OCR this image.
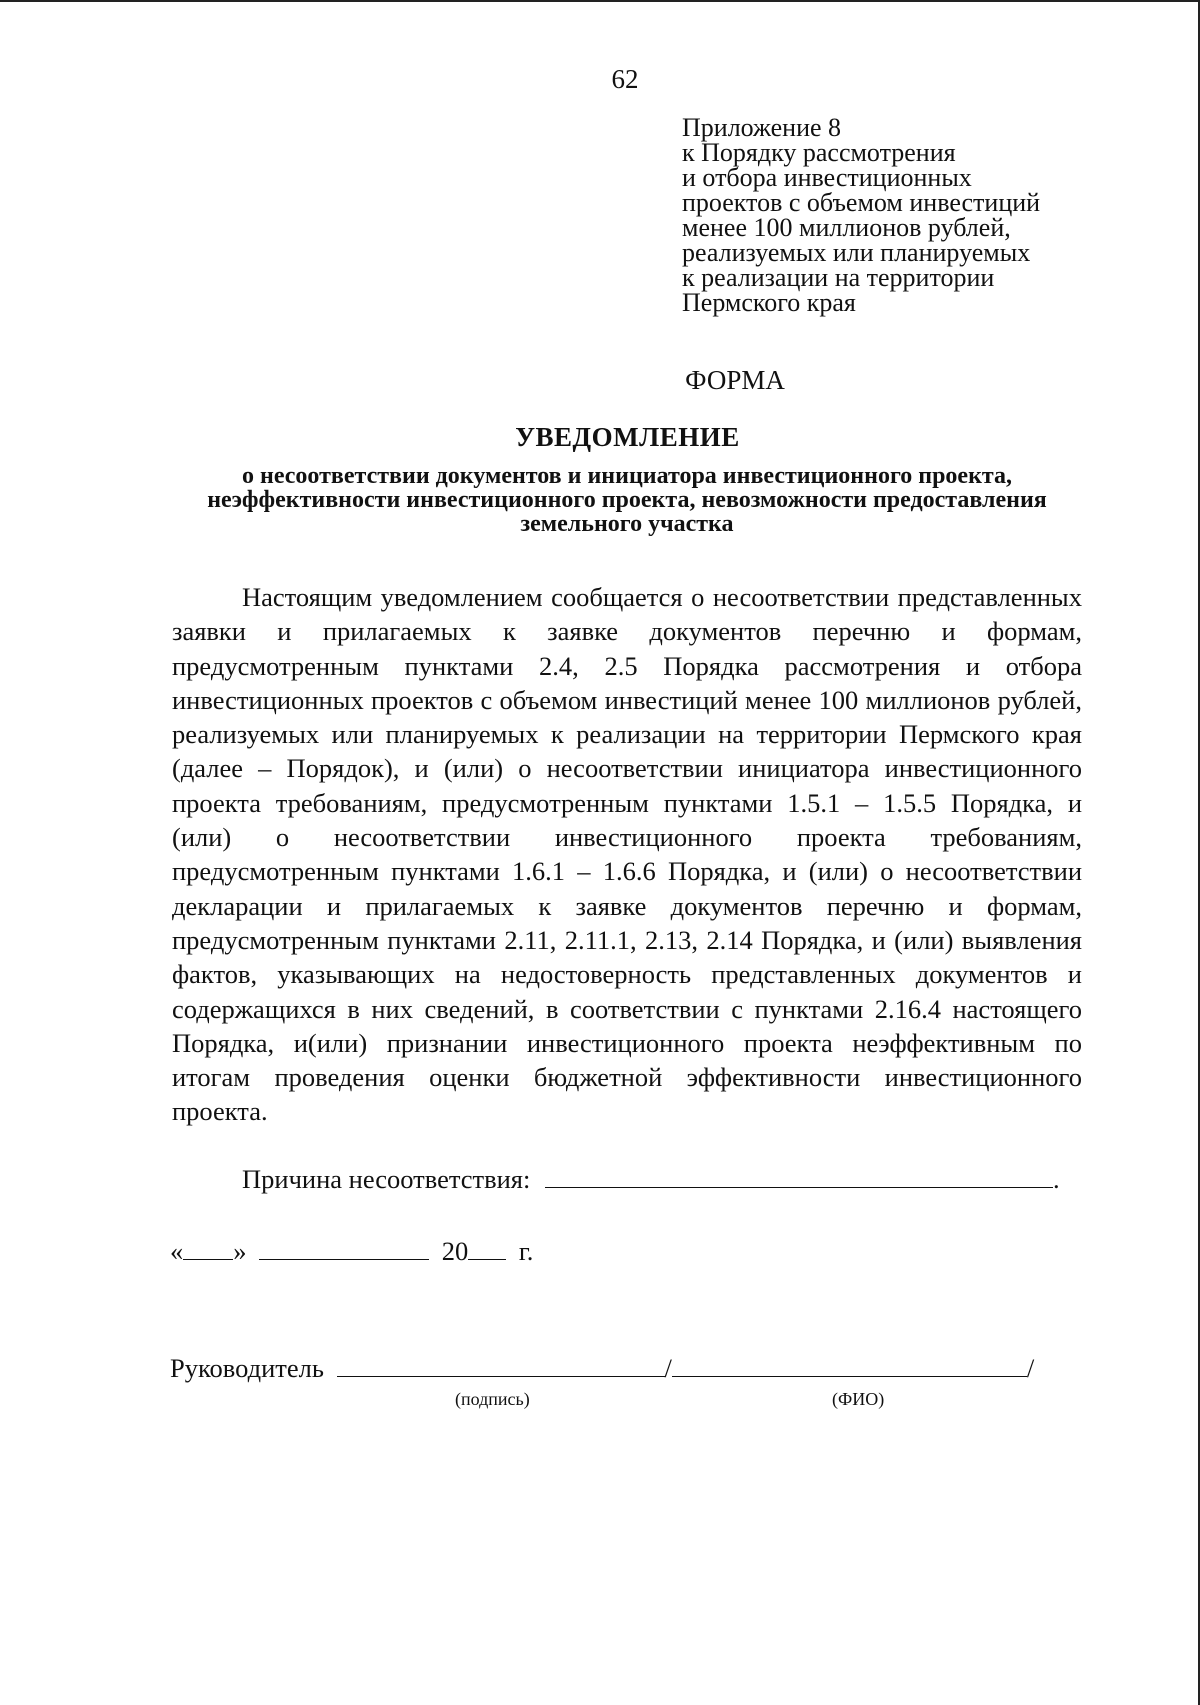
62
Приложение 8
к Порядку рассмотрения
и отбора инвестиционных
проектов с объемом инвестиций
менее 100 миллионов рублей,
реализуемых или планируемых
к реализации на территории
Пермского края
ФОРМА
УВЕДОМЛЕНИЕ
о несоответствии документов и инициатора инвестиционного проекта, неэффективности инвестиционного проекта, невозможности предоставления земельного участка
Настоящим уведомлением сообщается о несоответствии представленных заявки и прилагаемых к заявке документов перечню и формам, предусмотренным пунктами 2.4, 2.5 Порядка рассмотрения и отбора инвестиционных проектов с объемом инвестиций менее 100 миллионов рублей, реализуемых или планируемых к реализации на территории Пермского края (далее – Порядок), и (или) о несоответствии инициатора инвестиционного проекта требованиям, предусмотренным пунктами 1.5.1 – 1.5.5 Порядка, и (или) о несоответствии инвестиционного проекта требованиям, предусмотренным пунктами 1.6.1 – 1.6.6 Порядка, и (или) о несоответствии декларации и прилагаемых к заявке документов перечню и формам, предусмотренным пунктами 2.11, 2.11.1, 2.13, 2.14 Порядка, и (или) выявления фактов, указывающих на недостоверность представленных документов и содержащихся в них сведений, в соответствии с пунктами 2.16.4 настоящего Порядка, и(или) признании инвестиционного проекта неэффективным по итогам проведения оценки бюджетной эффективности инвестиционного проекта.
Причина несоответствия:	.
« »	20 г.
Руководитель	/	/
(подпись)	(ФИО)
